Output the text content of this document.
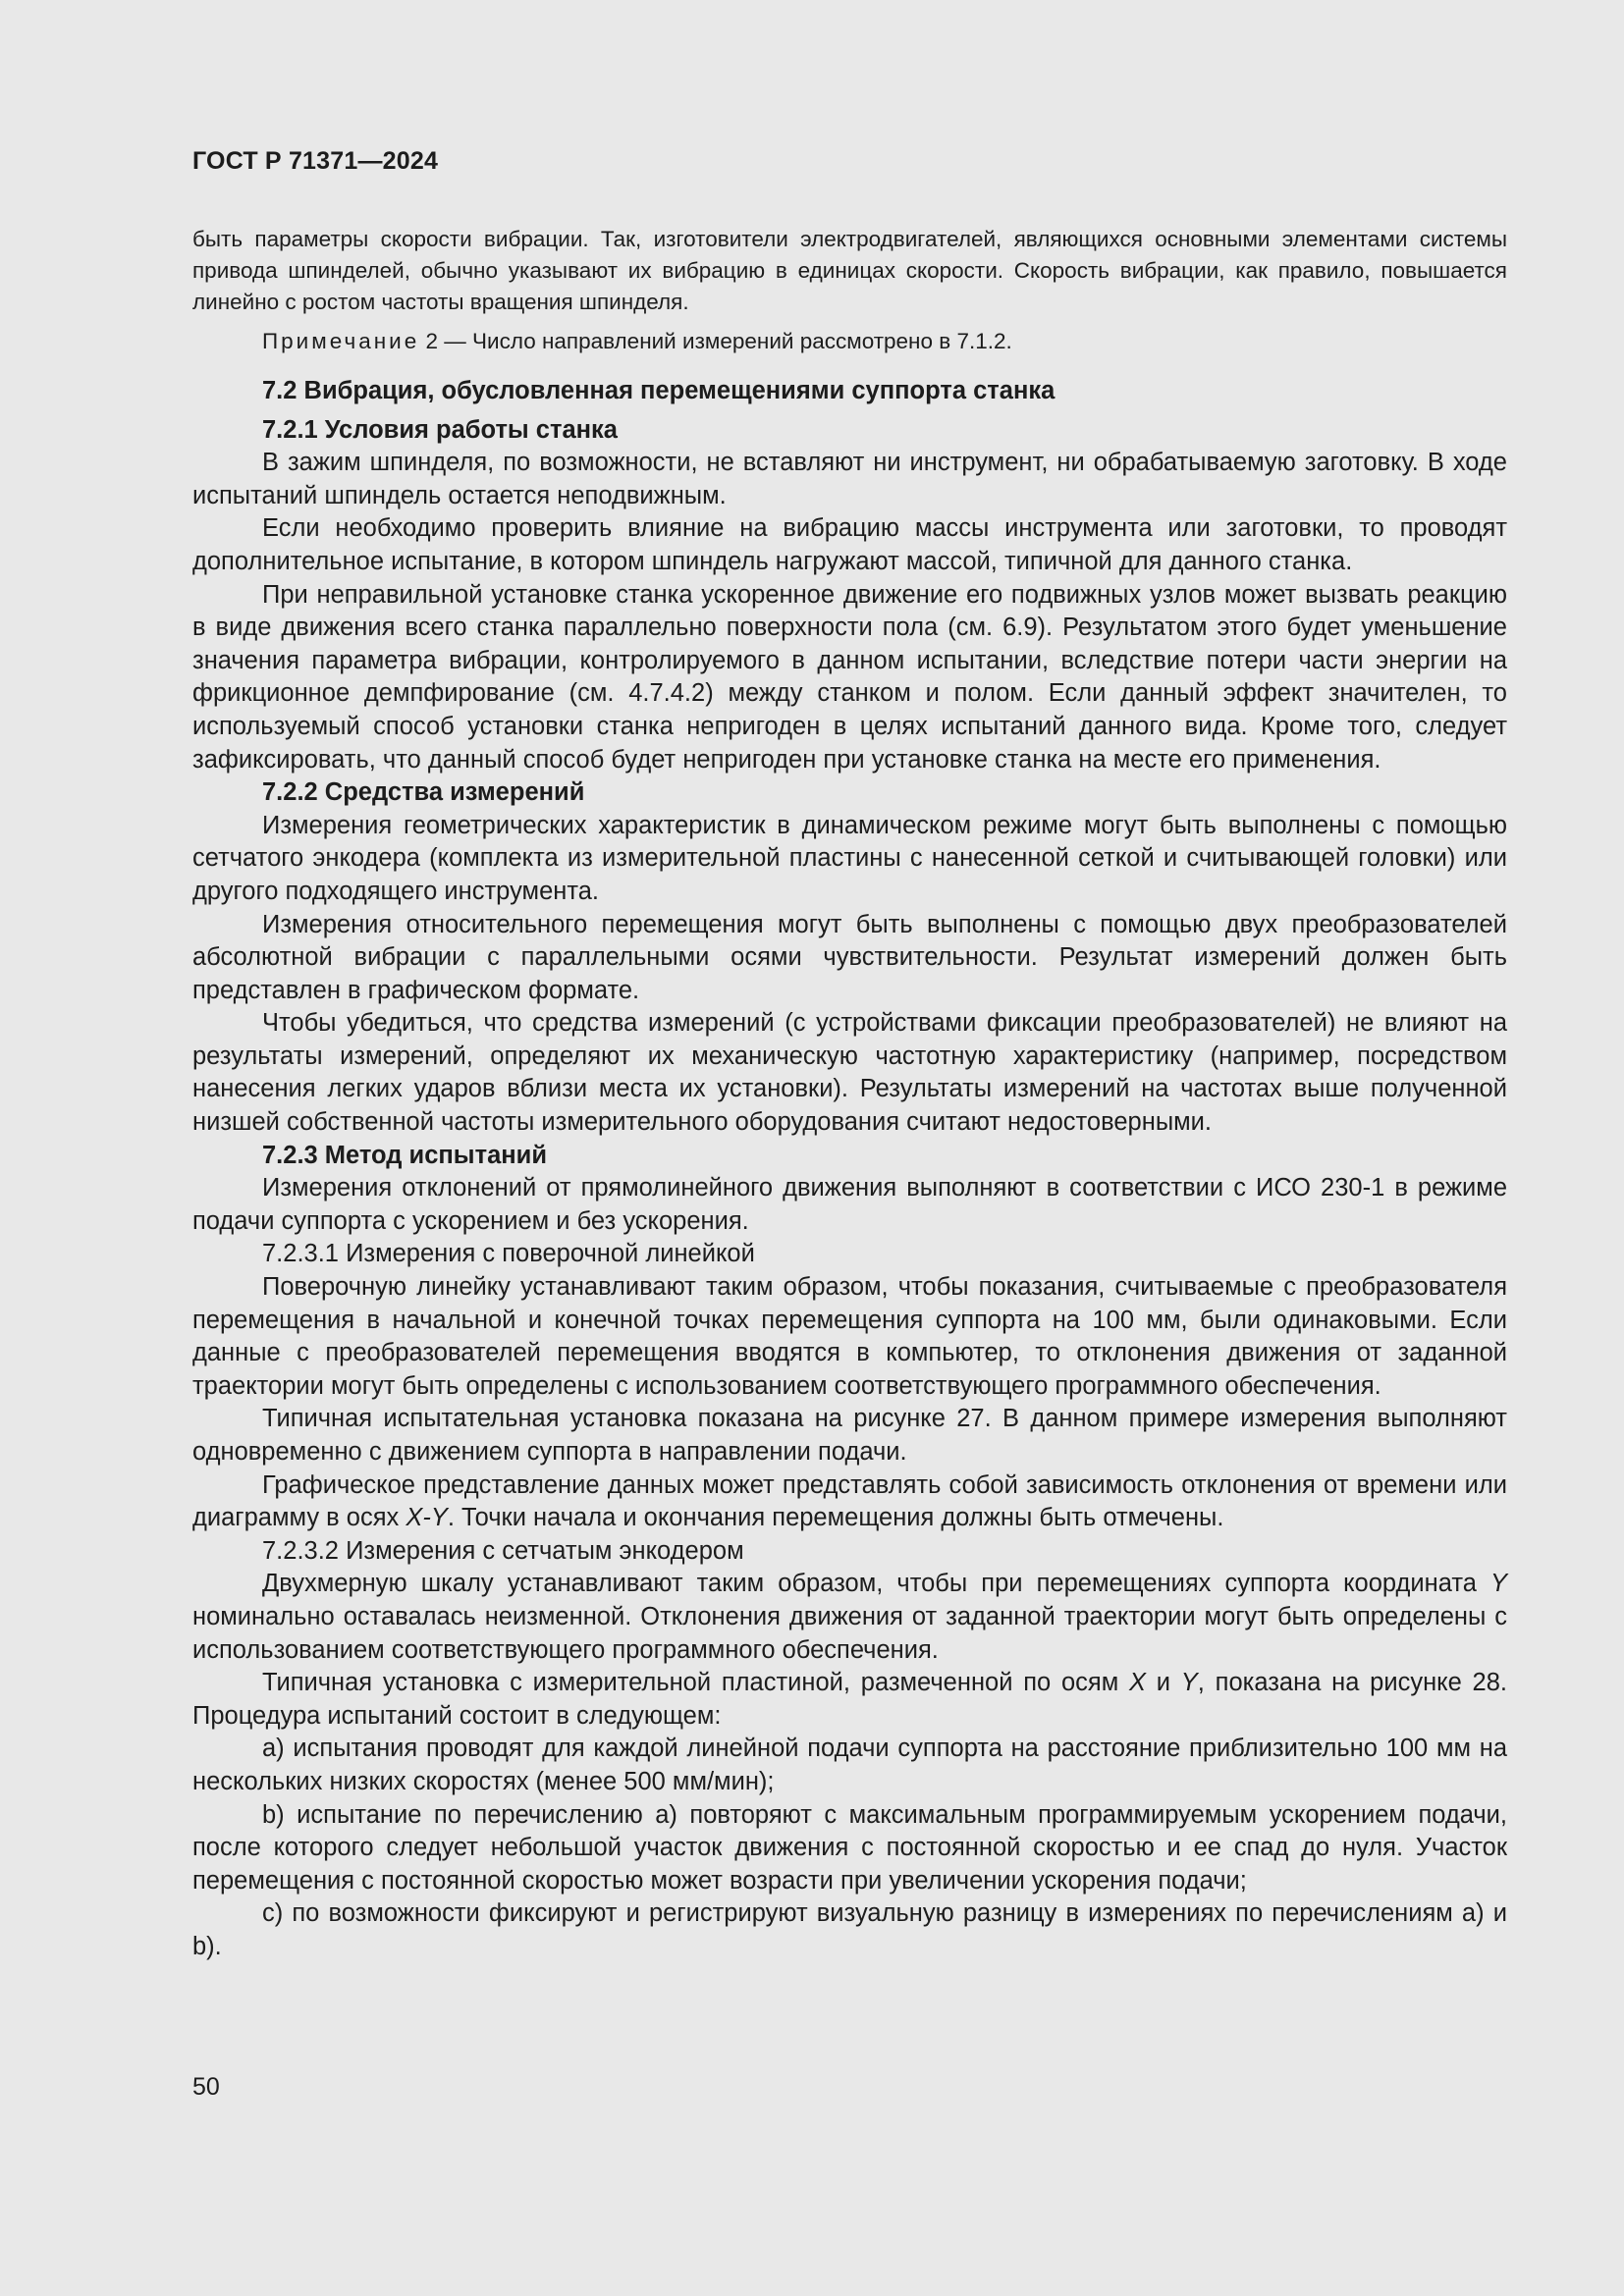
ГОСТ Р 71371—2024

быть параметры скорости вибрации. Так, изготовители электродвигателей, являющихся основными элементами системы привода шпинделей, обычно указывают их вибрацию в единицах скорости. Скорость вибрации, как правило, повышается линейно с ростом частоты вращения шпинделя.

Примечание 2 — Число направлений измерений рассмотрено в 7.1.2.

7.2 Вибрация, обусловленная перемещениями суппорта станка

7.2.1 Условия работы станка

В зажим шпинделя, по возможности, не вставляют ни инструмент, ни обрабатываемую заготовку. В ходе испытаний шпиндель остается неподвижным.

Если необходимо проверить влияние на вибрацию массы инструмента или заготовки, то проводят дополнительное испытание, в котором шпиндель нагружают массой, типичной для данного станка.

При неправильной установке станка ускоренное движение его подвижных узлов может вызвать реакцию в виде движения всего станка параллельно поверхности пола (см. 6.9). Результатом этого будет уменьшение значения параметра вибрации, контролируемого в данном испытании, вследствие потери части энергии на фрикционное демпфирование (см. 4.7.4.2) между станком и полом. Если данный эффект значителен, то используемый способ установки станка непригоден в целях испытаний данного вида. Кроме того, следует зафиксировать, что данный способ будет непригоден при установке станка на месте его применения.

7.2.2 Средства измерений

Измерения геометрических характеристик в динамическом режиме могут быть выполнены с помощью сетчатого энкодера (комплекта из измерительной пластины с нанесенной сеткой и считывающей головки) или другого подходящего инструмента.

Измерения относительного перемещения могут быть выполнены с помощью двух преобразователей абсолютной вибрации с параллельными осями чувствительности. Результат измерений должен быть представлен в графическом формате.

Чтобы убедиться, что средства измерений (с устройствами фиксации преобразователей) не влияют на результаты измерений, определяют их механическую частотную характеристику (например, посредством нанесения легких ударов вблизи места их установки). Результаты измерений на частотах выше полученной низшей собственной частоты измерительного оборудования считают недостоверными.

7.2.3 Метод испытаний

Измерения отклонений от прямолинейного движения выполняют в соответствии с ИСО 230-1 в режиме подачи суппорта с ускорением и без ускорения.

7.2.3.1 Измерения с поверочной линейкой

Поверочную линейку устанавливают таким образом, чтобы показания, считываемые с преобразователя перемещения в начальной и конечной точках перемещения суппорта на 100 мм, были одинаковыми. Если данные с преобразователей перемещения вводятся в компьютер, то отклонения движения от заданной траектории могут быть определены с использованием соответствующего программного обеспечения.

Типичная испытательная установка показана на рисунке 27. В данном примере измерения выполняют одновременно с движением суппорта в направлении подачи.

Графическое представление данных может представлять собой зависимость отклонения от времени или диаграмму в осях X-Y. Точки начала и окончания перемещения должны быть отмечены.

7.2.3.2 Измерения с сетчатым энкодером

Двухмерную шкалу устанавливают таким образом, чтобы при перемещениях суппорта координата Y номинально оставалась неизменной. Отклонения движения от заданной траектории могут быть определены с использованием соответствующего программного обеспечения.

Типичная установка с измерительной пластиной, размеченной по осям X и Y, показана на рисунке 28. Процедура испытаний состоит в следующем:

a) испытания проводят для каждой линейной подачи суппорта на расстояние приблизительно 100 мм на нескольких низких скоростях (менее 500 мм/мин);

b) испытание по перечислению а) повторяют с максимальным программируемым ускорением подачи, после которого следует небольшой участок движения с постоянной скоростью и ее спад до нуля. Участок перемещения с постоянной скоростью может возрасти при увеличении ускорения подачи;

c) по возможности фиксируют и регистрируют визуальную разницу в измерениях по перечислениям а) и b).

50
